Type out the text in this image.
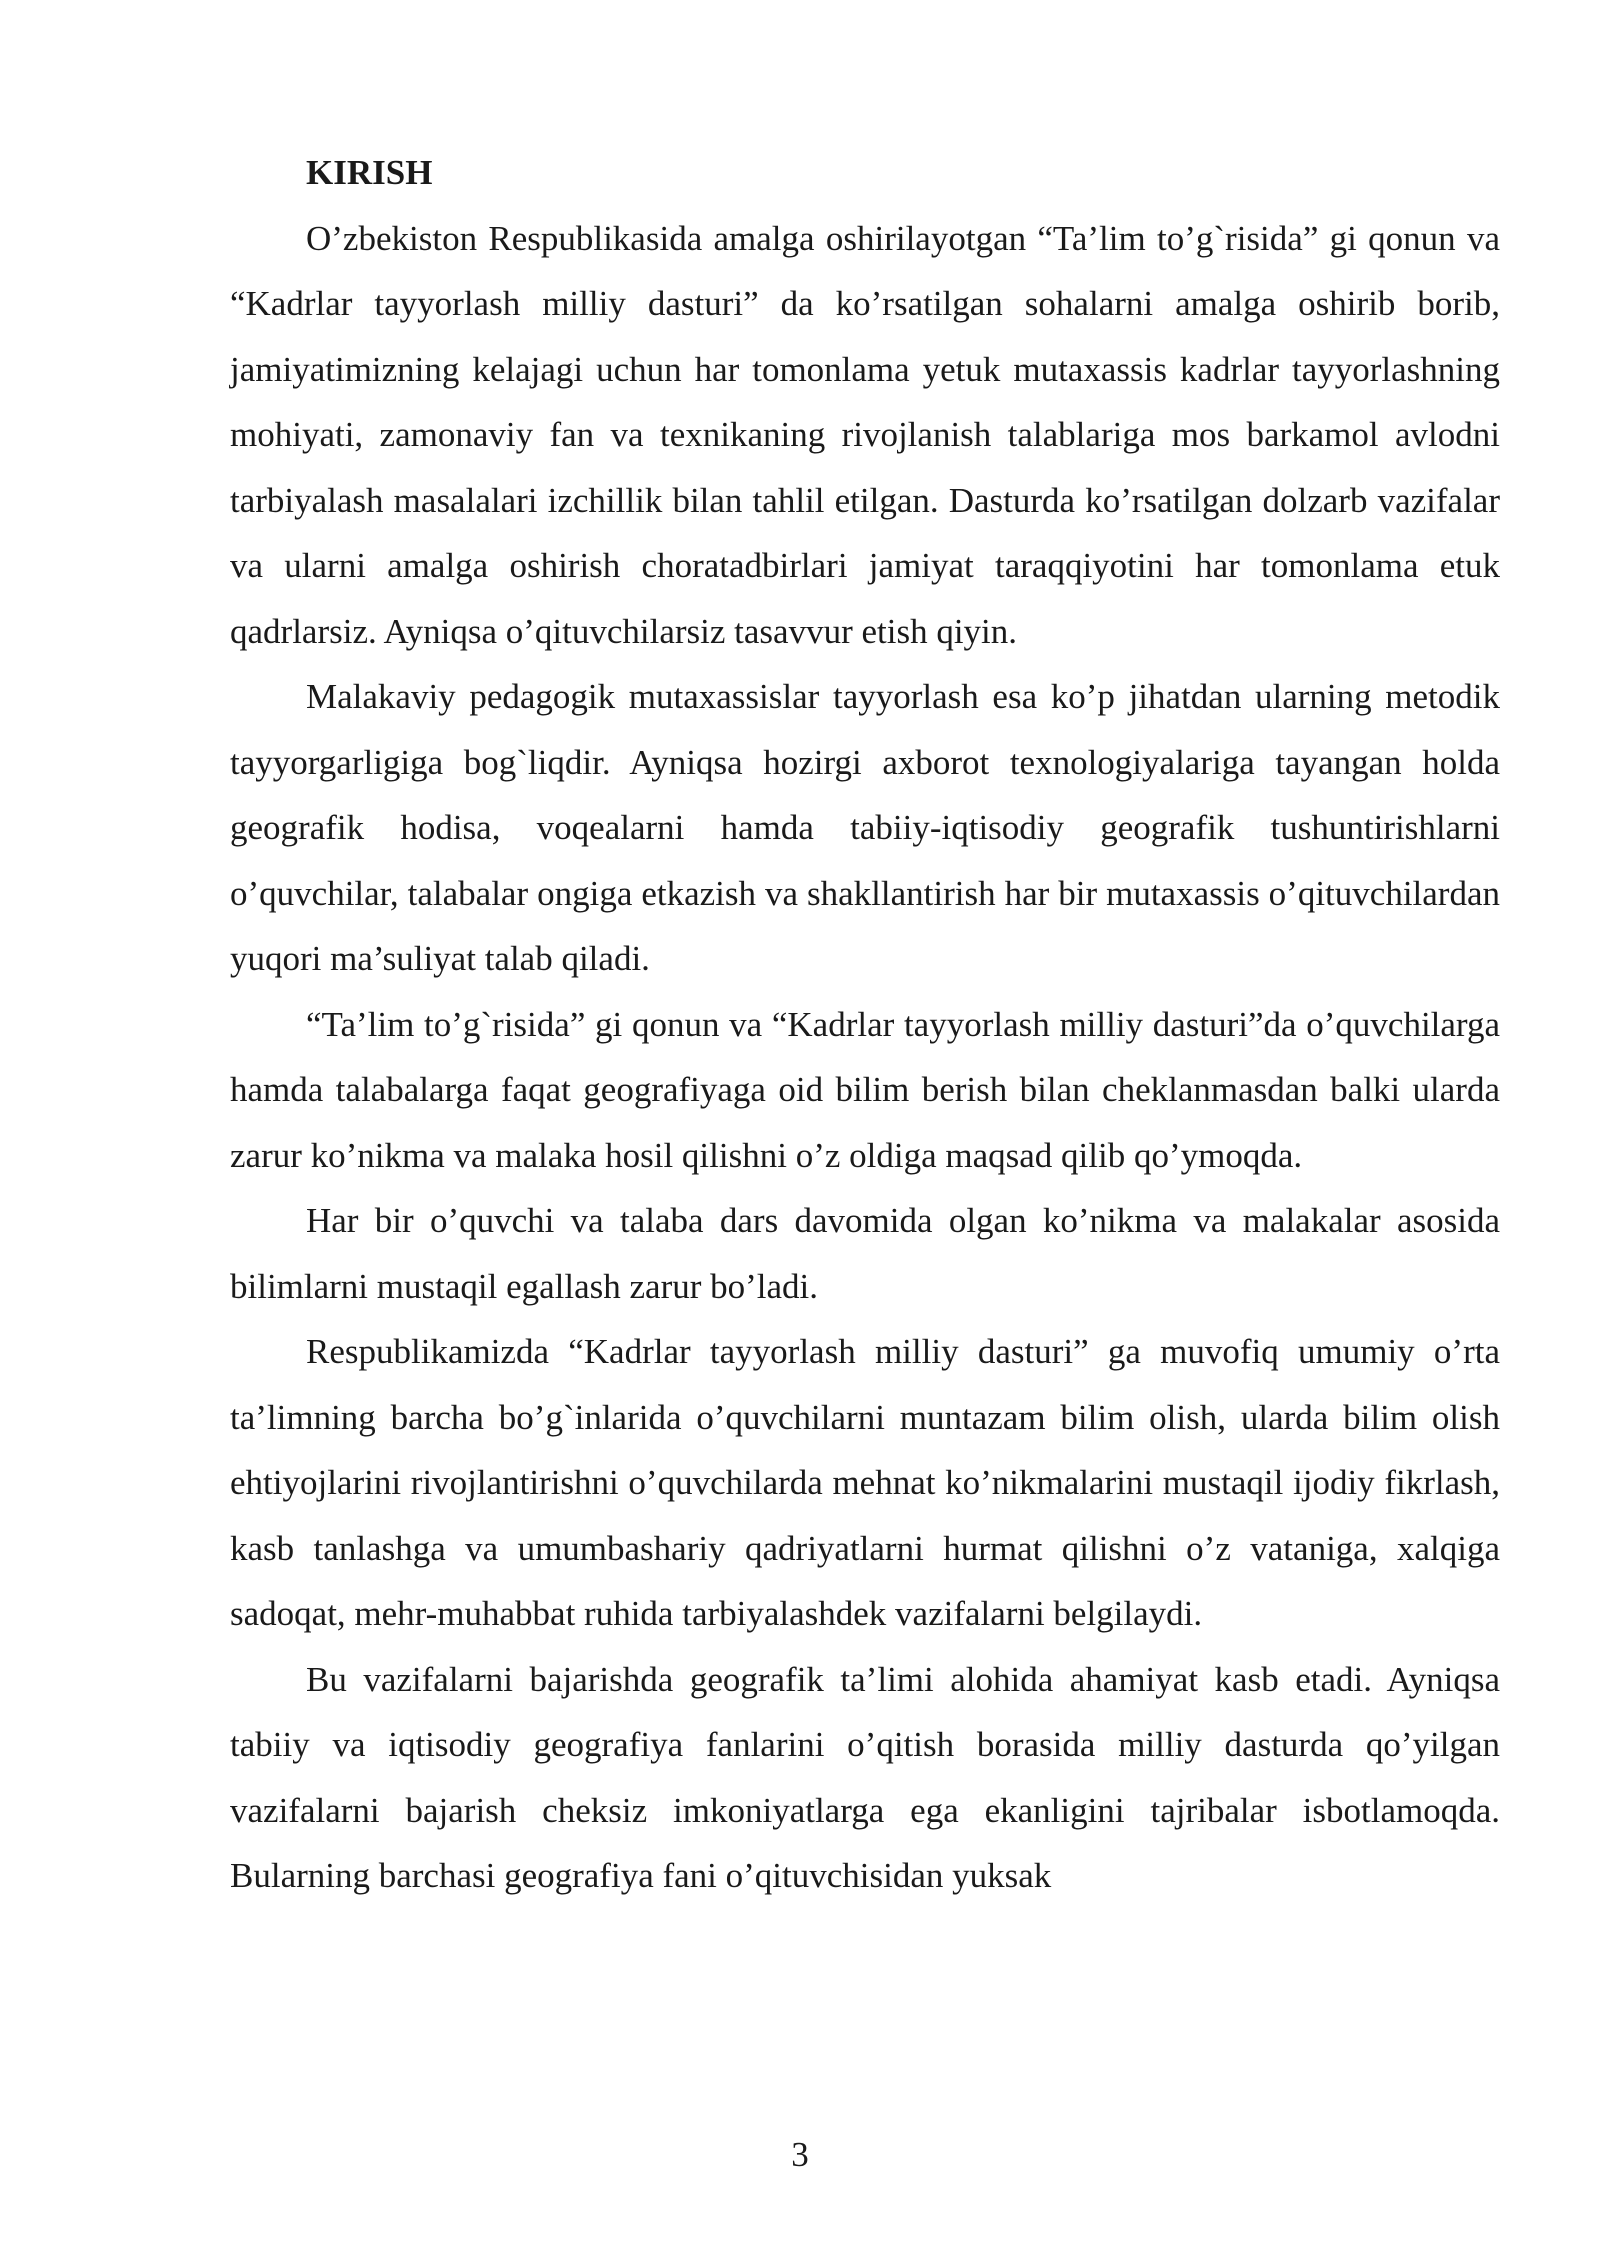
KIRISH

O’zbekiston Respublikasida amalga oshirilayotgan “Ta’lim to’g`risida” gi qonun va “Kadrlar tayyorlash milliy dasturi” da ko’rsatilgan sohalarni amalga oshirib borib, jamiyatimizning kelajagi uchun har tomonlama yetuk mutaxassis kadrlar tayyorlashning mohiyati, zamonaviy fan va texnikaning rivojlanish talablariga mos barkamol avlodni tarbiyalash masalalari izchillik bilan tahlil etilgan. Dasturda ko’rsatilgan dolzarb vazifalar va ularni amalga oshirish choratadbirlari jamiyat taraqqiyotini har tomonlama etuk qadrlarsiz. Ayniqsa o’qituvchilarsiz tasavvur etish qiyin.

Malakaviy pedagogik mutaxassislar tayyorlash esa ko’p jihatdan ularning metodik tayyorgarligiga bog`liqdir. Ayniqsa hozirgi axborot texnologiyalariga tayangan holda geografik hodisa, voqealarni hamda tabiiy-iqtisodiy geografik tushuntirishlarni o’quvchilar, talabalar ongiga etkazish va shakllantirish har bir mutaxassis o’qituvchilardan yuqori ma’suliyat talab qiladi.

“Ta’lim to’g`risida” gi qonun va “Kadrlar tayyorlash milliy dasturi”da o’quvchilarga hamda talabalarga faqat geografiyaga oid bilim berish bilan cheklanmasdan balki ularda zarur ko’nikma va malaka hosil qilishni o’z oldiga maqsad qilib qo’ymoqda.

Har bir o’quvchi va talaba dars davomida olgan ko’nikma va malakalar asosida bilimlarni mustaqil egallash zarur bo’ladi.

Respublikamizda “Kadrlar tayyorlash milliy dasturi” ga muvofiq umumiy o’rta ta’limning barcha bo’g`inlarida o’quvchilarni muntazam bilim olish, ularda bilim olish ehtiyojlarini rivojlantirishni o’quvchilarda mehnat ko’nikmalarini mustaqil ijodiy fikrlash, kasb tanlashga va umumbashariy qadriyatlarni hurmat qilishni o’z vataniga, xalqiga sadoqat, mehr-muhabbat ruhida tarbiyalashdek vazifalarni belgilaydi.

Bu vazifalarni bajarishda geografik ta’limi alohida ahamiyat kasb etadi. Ayniqsa tabiiy va iqtisodiy geografiya fanlarini o’qitish borasida milliy dasturda qo’yilgan vazifalarni bajarish cheksiz imkoniyatlarga ega ekanligini tajribalar isbotlamoqda. Bularning barchasi geografiya fani o’qituvchisidan yuksak

3
